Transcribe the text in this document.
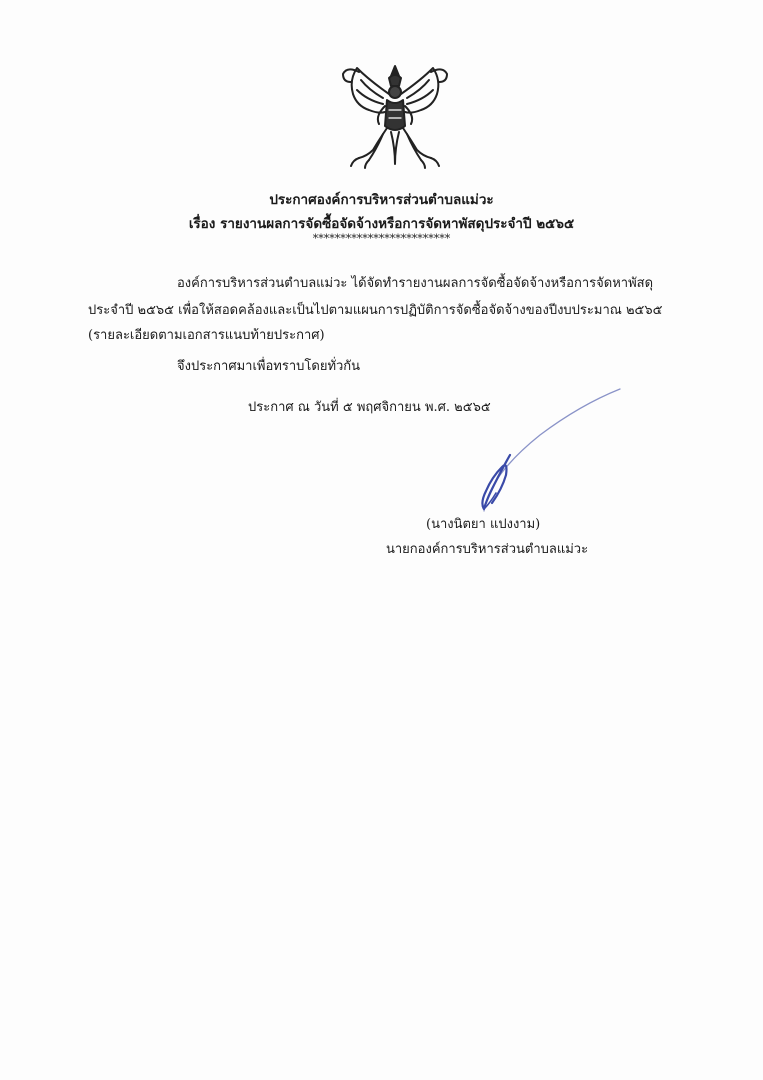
ประกาศองค์การบริหารส่วนตำบลแม่วะ
เรื่อง รายงานผลการจัดซื้อจัดจ้างหรือการจัดหาพัสดุประจำปี ๒๕๖๕
*************************
องค์การบริหารส่วนตำบลแม่วะ ได้จัดทำรายงานผลการจัดซื้อจัดจ้างหรือการจัดหาพัสดุ
ประจำปี ๒๕๖๕ เพื่อให้สอดคล้องและเป็นไปตามแผนการปฏิบัติการจัดซื้อจัดจ้างของปีงบประมาณ ๒๕๖๕
(รายละเอียดตามเอกสารแนบท้ายประกาศ)
จึงประกาศมาเพื่อทราบโดยทั่วกัน
ประกาศ ณ วันที่ ๕ พฤศจิกายน พ.ศ. ๒๕๖๕
(นางนิตยา แปงงาม)
นายกองค์การบริหารส่วนตำบลแม่วะ
